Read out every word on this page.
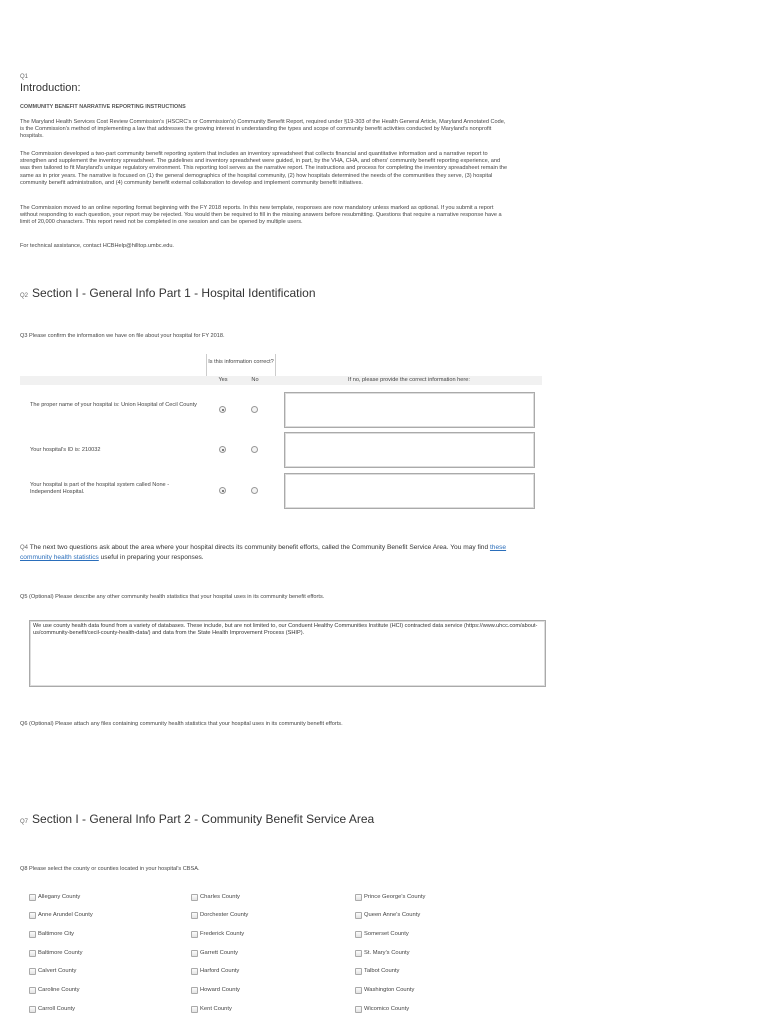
Q1
Introduction:
COMMUNITY BENEFIT NARRATIVE REPORTING INSTRUCTIONS

The Maryland Health Services Cost Review Commission's (HSCRC's or Commission's) Community Benefit Report, required under §19-303 of the Health General Article, Maryland Annotated Code, is the Commission's method of implementing a law that addresses the growing interest in understanding the types and scope of community benefit activities conducted by Maryland's nonprofit hospitals.

The Commission developed a two-part community benefit reporting system that includes an inventory spreadsheet that collects financial and quantitative information and a narrative report to strengthen and supplement the inventory spreadsheet. The guidelines and inventory spreadsheet were guided, in part, by the VHA, CHA, and others' community benefit reporting experience, and was then tailored to fit Maryland's unique regulatory environment. This reporting tool serves as the narrative report. The instructions and process for completing the inventory spreadsheet remain the same as in prior years. The narrative is focused on (1) the general demographics of the hospital community, (2) how hospitals determined the needs of the communities they serve, (3) hospital community benefit administration, and (4) community benefit external collaboration to develop and implement community benefit initiatives.

The Commission moved to an online reporting format beginning with the FY 2018 reports. In this new template, responses are now mandatory unless marked as optional. If you submit a report without responding to each question, your report may be rejected. You would then be required to fill in the missing answers before resubmitting. Questions that require a narrative response have a limit of 20,000 characters. This report need not be completed in one session and can be opened by multiple users.

For technical assistance, contact HCBHelp@hilltop.umbc.edu.

Q2 Section I - General Info Part 1 - Hospital Identification
Q3 Please confirm the information we have on file about your hospital for FY 2018.
Is this information correct?
Yes	No	If no, please provide the correct information here:
The proper name of your hospital is: Union Hospital of Cecil County
Your hospital's ID is: 210032
Your hospital is part of the hospital system called None - Independent Hospital.
Q4 The next two questions ask about the area where your hospital directs its community benefit efforts, called the Community Benefit Service Area. You may find these community health statistics useful in preparing your responses.
Q5 (Optional) Please describe any other community health statistics that your hospital uses in its community benefit efforts.
We use county health data found from a variety of databases. These include, but are not limited to, our Conduent Healthy Communities Institute (HCI) contracted data service (https://www.uhcc.com/about-us/community-benefit/cecil-county-health-data/) and data from the State Health Improvement Process (SHIP).
Q6 (Optional) Please attach any files containing community health statistics that your hospital uses in its community benefit efforts.
Q7 Section I - General Info Part 2 - Community Benefit Service Area
Q8 Please select the county or counties located in your hospital's CBSA.
Allegany County
Anne Arundel County
Baltimore City
Baltimore County
Calvert County
Caroline County
Carroll County
Charles County
Dorchester County
Frederick County
Garrett County
Harford County
Howard County
Kent County
Prince George's County
Queen Anne's County
Somerset County
St. Mary's County
Talbot County
Washington County
Wicomico County
